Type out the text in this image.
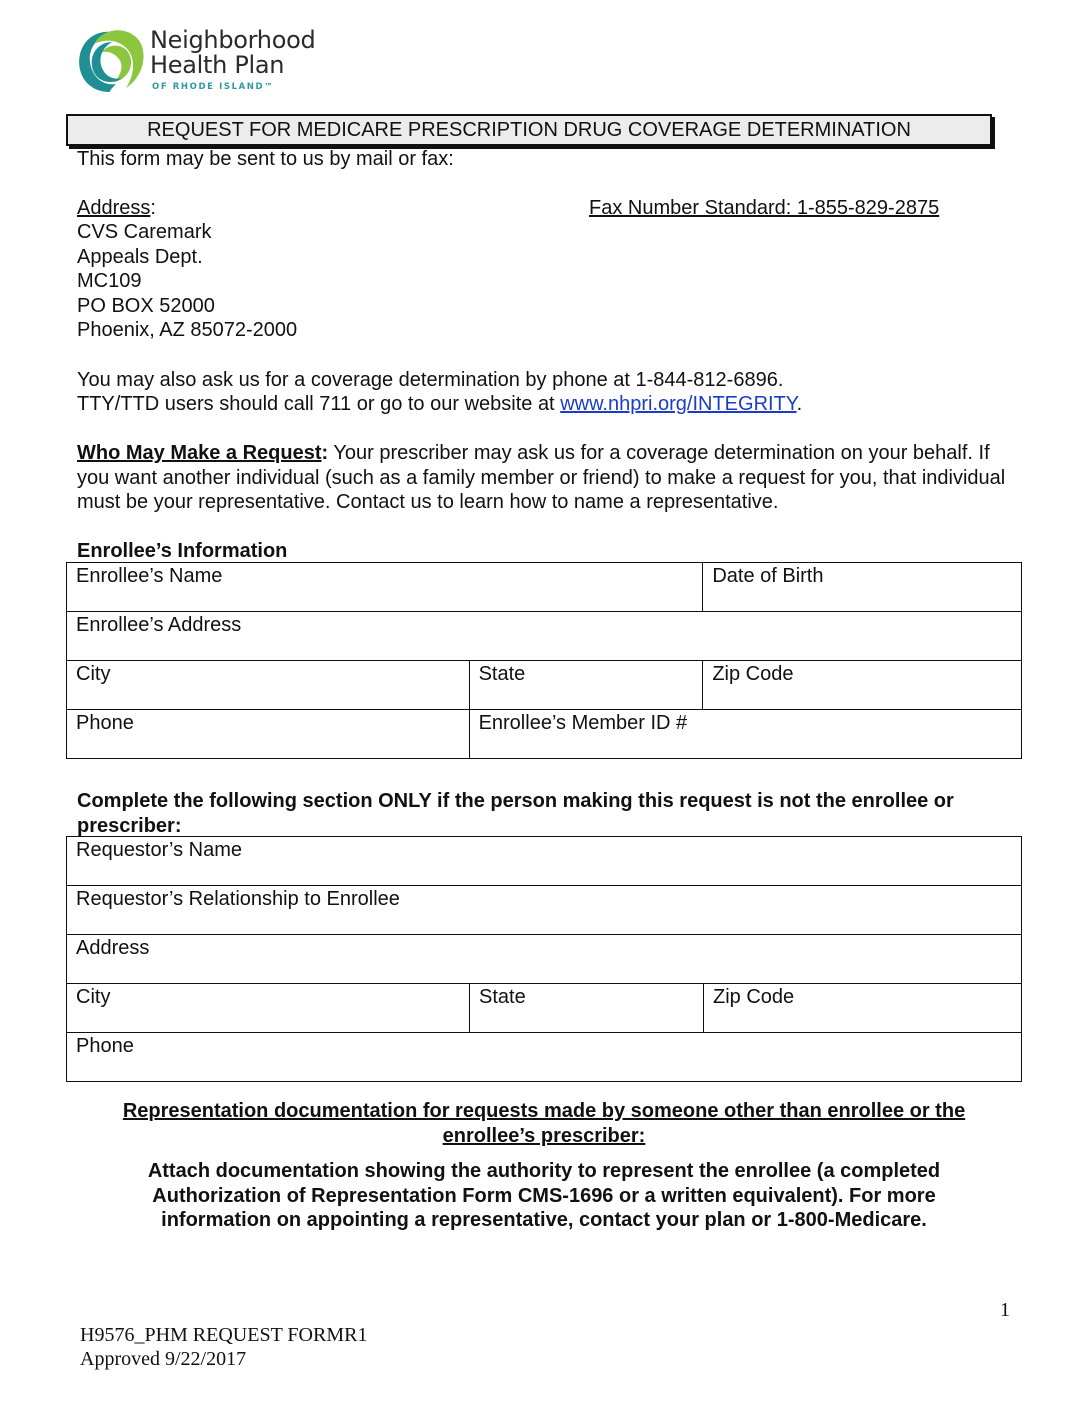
Neighborhood
Health Plan
OF RHODE ISLAND™
REQUEST FOR MEDICARE PRESCRIPTION DRUG COVERAGE DETERMINATION
This form may be sent to us by mail or fax:
Address:
CVS Caremark
Appeals Dept.
MC109
PO BOX 52000
Phoenix, AZ 85072-2000
Fax Number Standard: 1-855-829-2875
You may also ask us for a coverage determination by phone at 1-844-812-6896.
TTY/TTD users should call 711 or go to our website at www.nhpri.org/INTEGRITY.
Who May Make a Request: Your prescriber may ask us for a coverage determination on your behalf. If you want another individual (such as a family member or friend) to make a request for you, that individual must be your representative. Contact us to learn how to name a representative.
Enrollee’s Information
Enrollee’s Name		Date of Birth
Enrollee’s Address		
City	State	Zip Code
Phone	Enrollee’s Member ID #	
Complete the following section ONLY if the person making this request is not the enrollee or prescriber:
Requestor’s Name
Requestor’s Relationship to Enrollee
Address
City	State	Zip Code
Phone
Representation documentation for requests made by someone other than enrollee or the enrollee’s prescriber:
Attach documentation showing the authority to represent the enrollee (a completed Authorization of Representation Form CMS-1696 or a written equivalent). For more information on appointing a representative, contact your plan or 1-800-Medicare.
1
H9576_PHM REQUEST FORMR1
Approved 9/22/2017
